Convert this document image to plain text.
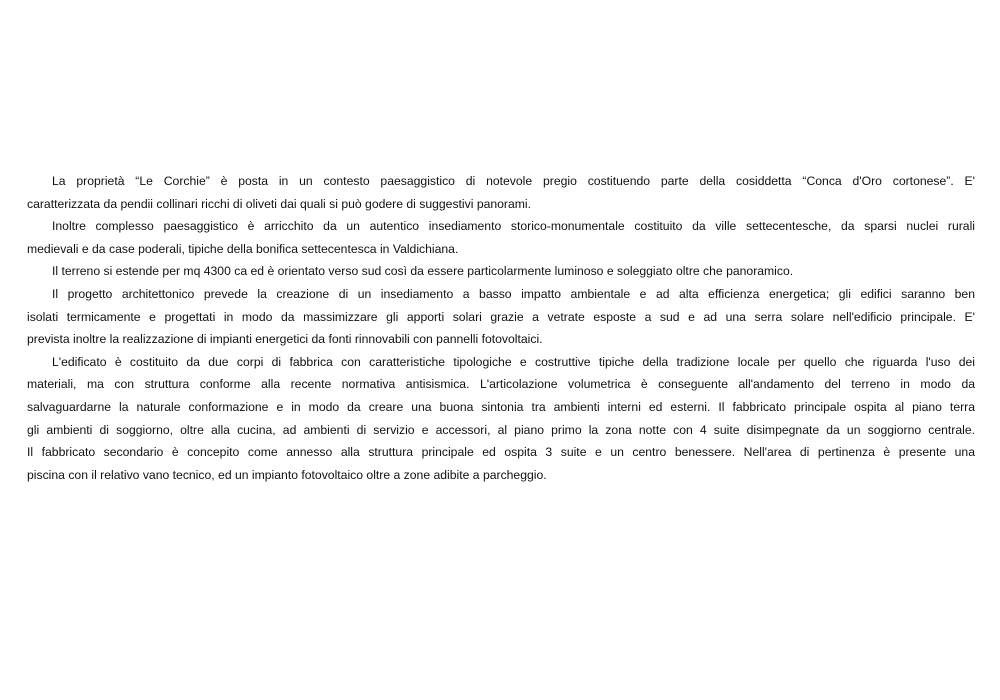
La proprietà “Le Corchie” è posta in un contesto paesaggistico di notevole pregio costituendo parte della cosiddetta “Conca d'Oro cortonese”. E'
caratterizzata da pendii collinari ricchi di oliveti dai quali si può godere di suggestivi panorami.
Inoltre complesso paesaggistico è arricchito da un autentico insediamento storico-monumentale costituito da ville settecentesche, da sparsi nuclei rurali
medievali e da case poderali, tipiche della bonifica settecentesca in Valdichiana.
Il terreno si estende per mq 4300 ca ed è orientato verso sud così da essere particolarmente luminoso e soleggiato oltre che panoramico.
Il progetto architettonico prevede la creazione di un insediamento a basso impatto ambientale e ad alta efficienza energetica; gli edifici saranno ben
isolati termicamente e progettati in modo da massimizzare gli apporti solari grazie a vetrate esposte a sud e ad una serra solare nell'edificio principale. E'
prevista inoltre la realizzazione di impianti energetici da fonti rinnovabili con pannelli fotovoltaici.
L'edificato è costituito da due corpi di fabbrica con caratteristiche tipologiche e costruttive tipiche della tradizione locale per quello che riguarda l'uso dei
materiali, ma con struttura conforme alla recente normativa antisismica. L'articolazione volumetrica è conseguente all'andamento del terreno in modo da
salvaguardarne la naturale conformazione e in modo da creare una buona sintonia tra ambienti interni ed esterni. Il fabbricato principale ospita al piano terra
gli ambienti di soggiorno, oltre alla cucina, ad ambienti di servizio e accessori, al piano primo la zona notte con 4 suite disimpegnate da un soggiorno centrale.
Il fabbricato secondario è concepito come annesso alla struttura principale ed ospita 3 suite e un centro benessere. Nell'area di pertinenza è presente una
piscina con il relativo vano tecnico, ed un impianto fotovoltaico oltre a zone adibite a parcheggio.
